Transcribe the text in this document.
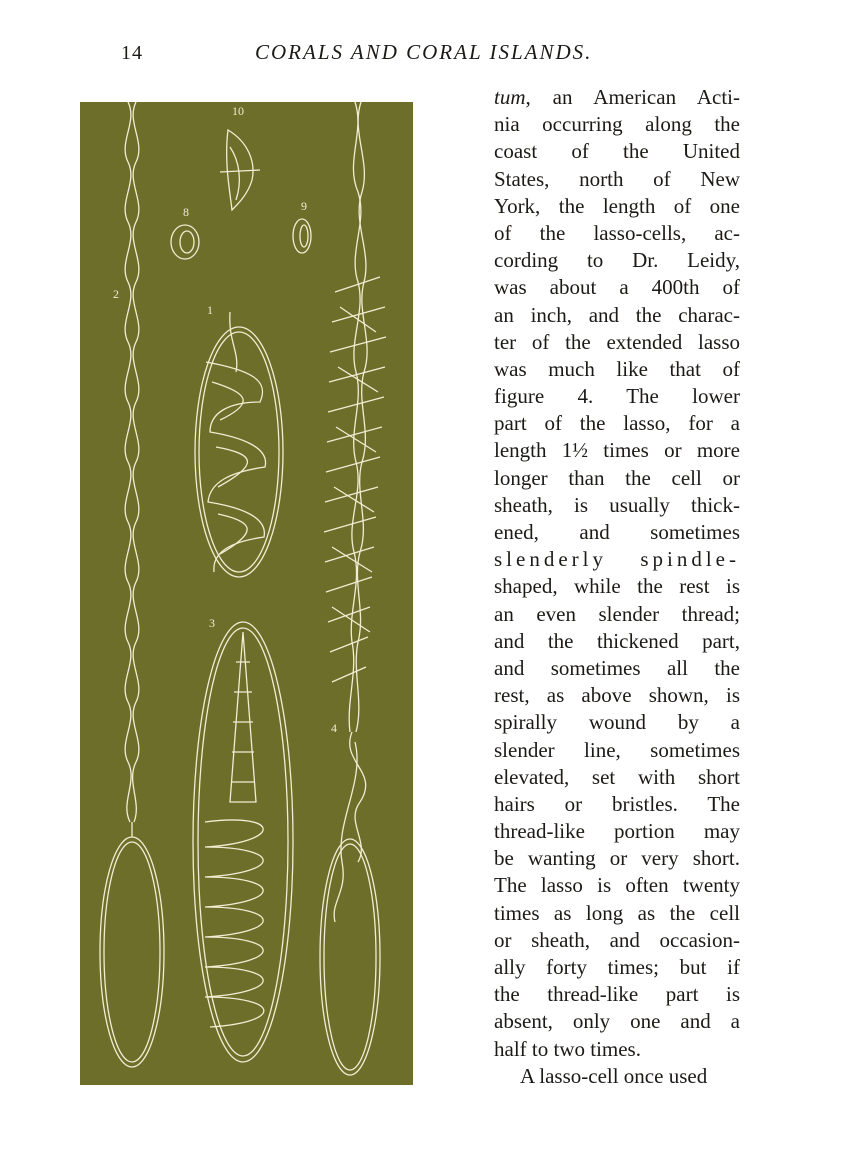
14	CORALS AND CORAL ISLANDS.
10
8	9
2
1
3
4
tum, an American Acti-
nia occurring along the
coast of the United
States, north of New
York, the length of one
of the lasso-cells, ac-
cording to Dr. Leidy,
was about a 400th of
an inch, and the charac-
ter of the extended lasso
was much like that of
figure 4. The lower
part of the lasso, for a
length 1½ times or more
longer than the cell or
sheath, is usually thick-
ened, and sometimes
slenderly spindle-
shaped, while the rest is
an even slender thread;
and the thickened part,
and sometimes all the
rest, as above shown, is
spirally wound by a
slender line, sometimes
elevated, set with short
hairs or bristles. The
thread-like portion may
be wanting or very short.
The lasso is often twenty
times as long as the cell
or sheath, and occasion-
ally forty times; but if
the thread-like part is
absent, only one and a
half to two times.
A lasso-cell once used
